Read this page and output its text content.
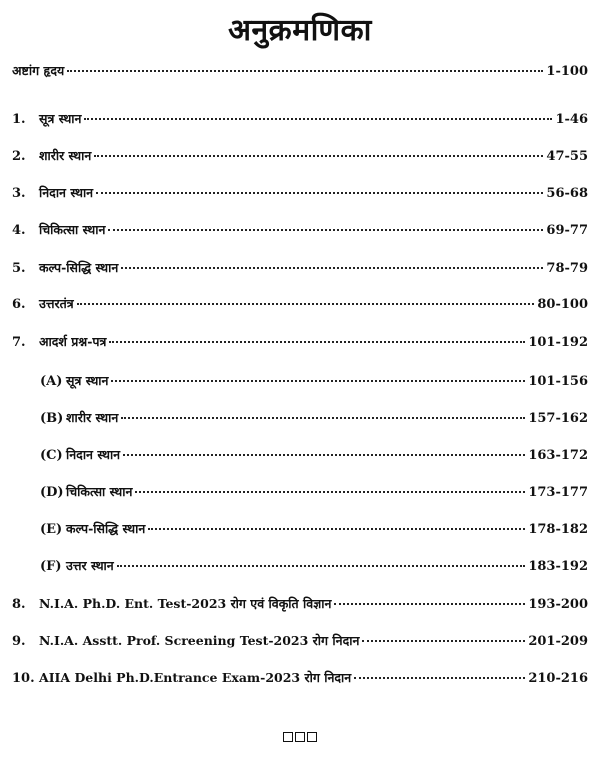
अनुक्रमणिका
अष्टांग हृदय	1-100
1.	सूत्र स्थान	1-46
2.	शारीर स्थान	47-55
3.	निदान स्थान	56-68
4.	चिकित्सा स्थान	69-77
5.	कल्प-सिद्धि स्थान	78-79
6.	उत्तरतंत्र	80-100
7.	आदर्श प्रश्न-पत्र	101-192
(A) सूत्र स्थान	101-156
(B) शारीर स्थान	157-162
(C) निदान स्थान	163-172
(D) चिकित्सा स्थान	173-177
(E) कल्प-सिद्धि स्थान	178-182
(F) उत्तर स्थान	183-192
8.	N.I.A. Ph.D. Ent. Test-2023 रोग एवं विकृति विज्ञान	193-200
9.	N.I.A. Asstt. Prof. Screening Test-2023 रोग निदान	201-209
10. AIIA Delhi Ph.D.Entrance Exam-2023 रोग निदान	210-216
